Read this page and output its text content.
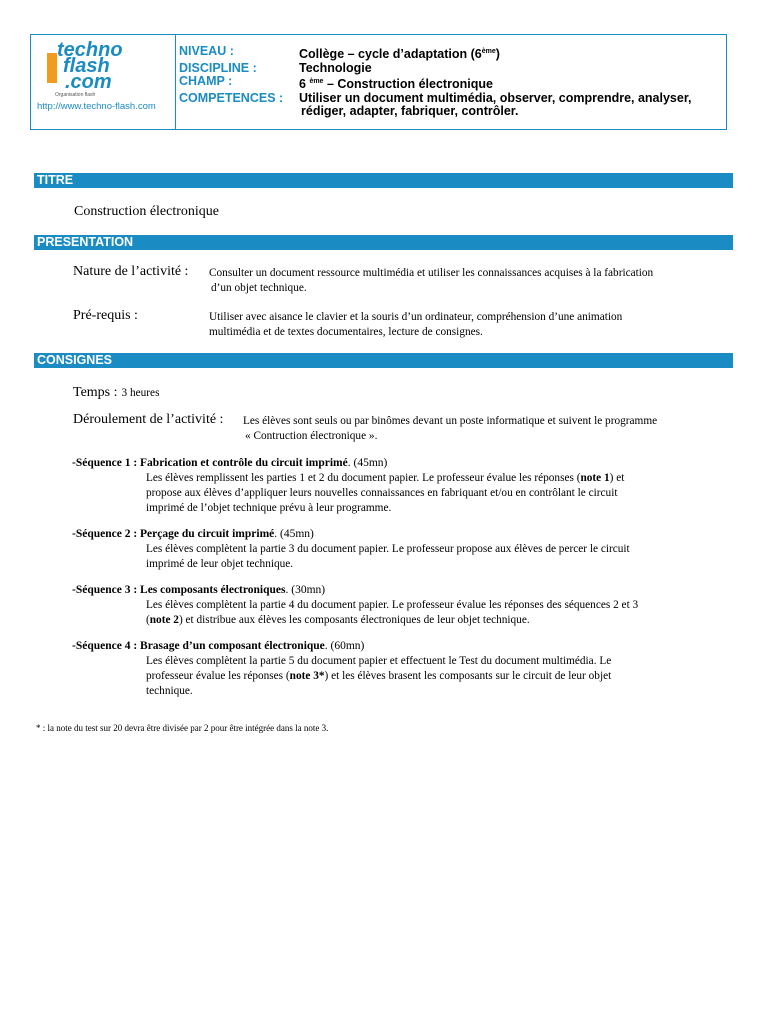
techno
flash
.com
Organisation flash
http://www.techno-flash.com
NIVEAU :	Collège – cycle d’adaptation (6ème)
DISCIPLINE :	Technologie
CHAMP :	6 $^{ème}$ – Construction électronique
COMPETENCES :	Utiliser un document multimédia, observer, comprendre, analyser,
rédiger, adapter, fabriquer, contrôler.
TITRE
Construction électronique
PRESENTATION
Nature de l’activité : Consulter un document ressource multimédia et utiliser les connaissances acquises à la fabrication
d’un objet technique.
Pré-requis :	Utiliser avec aisance le clavier et la souris d’un ordinateur, compréhension d’une animation
multimédia et de textes documentaires, lecture de consignes.
CONSIGNES
Temps : 3 heures
Déroulement de l’activité : Les élèves sont seuls ou par binômes devant un poste informatique et suivent le programme
« Contruction électronique ».
-Séquence 1 : Fabrication et contrôle du circuit imprimé. (45mn)
Les élèves remplissent les parties 1 et 2 du document papier. Le professeur évalue les réponses (note 1) et
propose aux élèves d’appliquer leurs nouvelles connaissances en fabriquant et/ou en contrôlant le circuit
imprimé de l’objet technique prévu à leur programme.
-Séquence 2 : Perçage du circuit imprimé. (45mn)
Les élèves complètent la partie 3 du document papier. Le professeur propose aux élèves de percer le circuit
imprimé de leur objet technique.
-Séquence 3 : Les composants électroniques. (30mn)
Les élèves complètent la partie 4 du document papier. Le professeur évalue les réponses des séquences 2 et 3
(note 2) et distribue aux élèves les composants électroniques de leur objet technique.
-Séquence 4 : Brasage d’un composant électronique. (60mn)
Les élèves complètent la partie 5 du document papier et effectuent le Test du document multimédia. Le
professeur évalue les réponses (note 3*) et les élèves brasent les composants sur le circuit de leur objet
technique.
* : la note du test sur 20 devra être divisée par 2 pour être intégrée dans la note 3.
